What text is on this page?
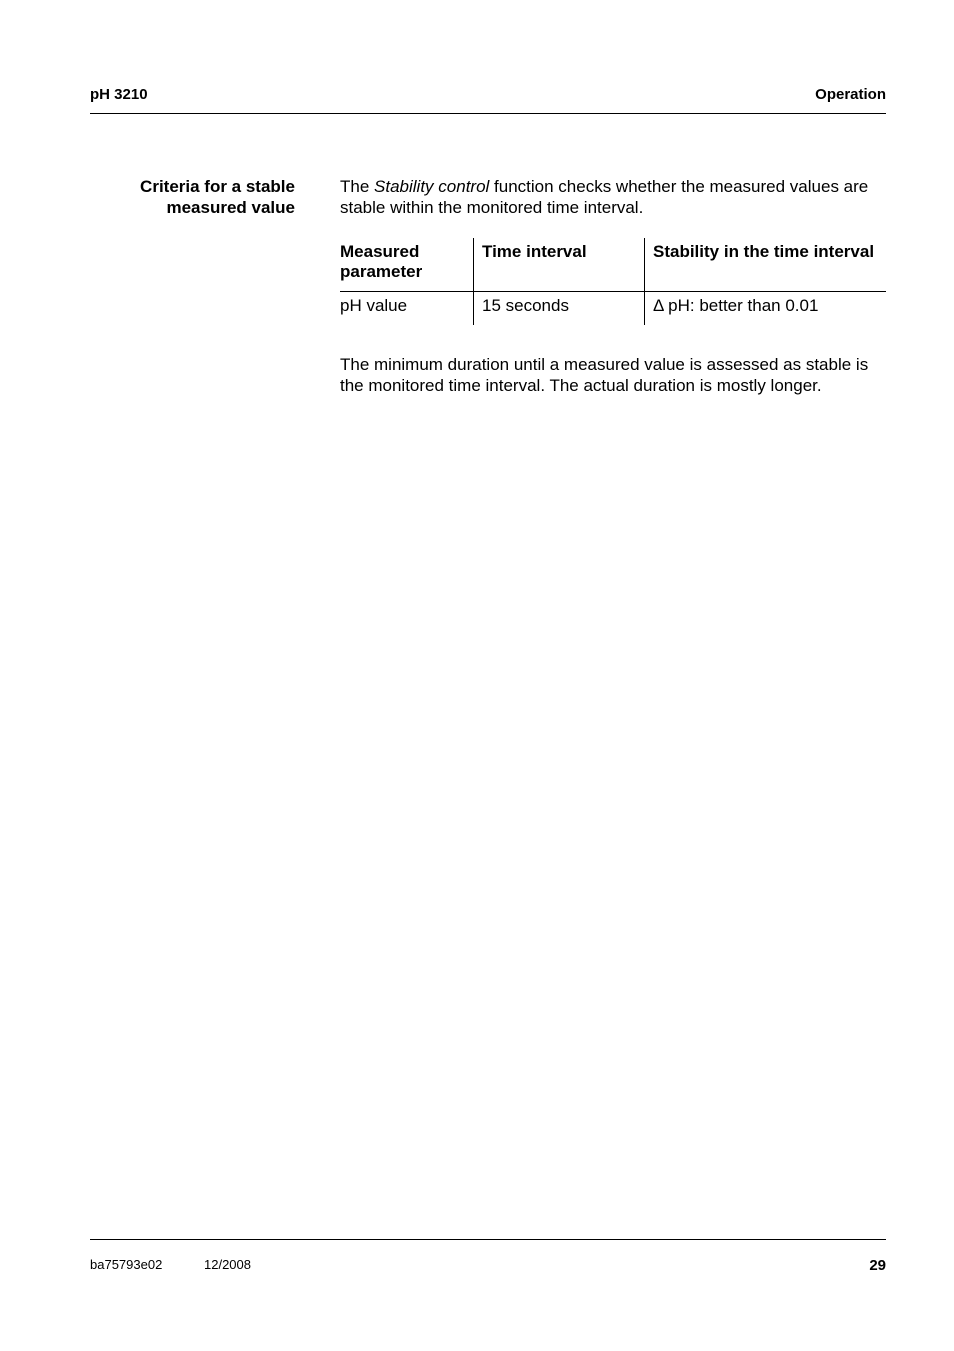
pH 3210	Operation
Criteria for a stable
measured value

The Stability control function checks whether the measured values are stable within the monitored time interval.

Measured parameter	Time interval	Stability in the time interval
pH value	15 seconds	Δ pH: better than 0.01

The minimum duration until a measured value is assessed as stable is the monitored time interval. The actual duration is mostly longer.

ba75793e02	12/2008	29
